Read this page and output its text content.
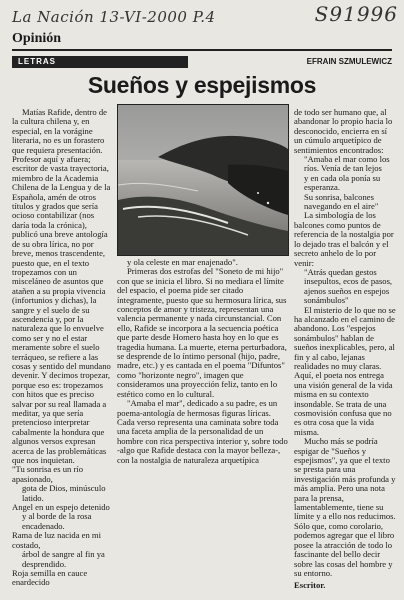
La Nación 13-VI-2000 P.4	S91996
Opinión
LETRAS	EFRAIN SZMULEWICZ
Sueños y espejismos

Matías Rafide, dentro de la cultura chilena y, en especial, en la vorágine literaria, no es un forastero que requiera presentación. Profesor aquí y afuera; escritor de vasta trayectoria, miembro de la Academia Chilena de la Lengua y de la Española, amén de otros títulos y grados que sería ocioso contabilizar (nos daría toda la crónica), publicó una breve antología de su obra lírica, no por breve, menos trascendente, puesto que, en el texto tropezamos con un misceláneo de asuntos que atañen a su propia vivencia (infortunios y dichas), la sangre y el suelo de su ascendencia y, por la naturaleza que lo envuelve como ser y no el estar meramente sobre el suelo terráqueo, se refiere a las cosas y sentido del mundano devenir. Y decimos tropezar, porque eso es: tropezamos con hitos que es preciso salvar por su real llamada a meditar, ya que sería pretencioso interpretar cabalmente la hondura que algunos versos expresan acerca de las problemáticas que nos inquietan.

"Tu sonrisa es un río apasionado,

gota de Dios, minúsculo latido.

Angel en un espejo detenido

y al borde de la rosa encadenado.

Rama de luz nacida en mi costado,

árbol de sangre al fin ya desprendido.

Roja semilla en cauce enardecido

y ola celeste en mar enajenado".

Primeras dos estrofas del "Soneto de mi hijo" con que se inicia el libro. Si no mediara el límite del espacio, el poema pide ser citado íntegramente, puesto que su hermosura lírica, sus conceptos de amor y tristeza, representan una valencia permanente y nada circunstancial. Con ello, Rafide se incorpora a la secuencia poética que parte desde Homero hasta hoy en lo que es tragedia humana. La muerte, eterna perturbadora, se desprende de lo íntimo personal (hijo, padre, madre, etc.) y es cantada en el poema "Difuntos" como "horizonte negro", imagen que consideramos una proyección feliz, tanto en lo estético como en lo cultural.

"Amaba el mar", dedicado a su padre, es un poema-antología de hermosas figuras líricas. Cada verso representa una caminata sobre toda una faceta amplia de la personalidad de un hombre con rica perspectiva interior y, sobre todo -algo que Rafide destaca con la mayor belleza-, con la nostalgia de naturaleza arquetípica

de todo ser humano que, al abandonar lo propio hacia lo desconocido, encierra en sí un cúmulo arquetípico de sentimientos encontrados:

"Amaba el mar como los

ríos. Venía de tan lejos

y en cada ola ponía su esperanza.

Su sonrisa, balcones navegando en el aire"

La simbología de los balcones como puntos de referencia de la nostalgia por lo dejado tras el balcón y el secreto anhelo de lo por venir:

"Atrás quedan gestos insepultos, ecos de pasos, ajenos sueños en espejos sonámbulos"

El misterio de lo que no se ha alcanzado en el camino de abandono. Los "espejos sonámbulos" hablan de sueños inexplicables, pero, al fin y al cabo, lejanas realidades no muy claras. Aquí, el poeta nos entrega una visión general de la vida misma en su contexto insondable. Se trata de una cosmovisión confusa que no es otra cosa que la vida misma.

Mucho más se podría espigar de "Sueños y espejismos", ya que el texto se presta para una investigación más profunda y más amplia. Pero una nota para la prensa, lamentablemente, tiene su límite y a ello nos reducimos. Sólo que, como corolario, podemos agregar que el libro posee la atracción de todo lo fascinante del bello decir sobre las cosas del hombre y su entorno.

Escritor.
